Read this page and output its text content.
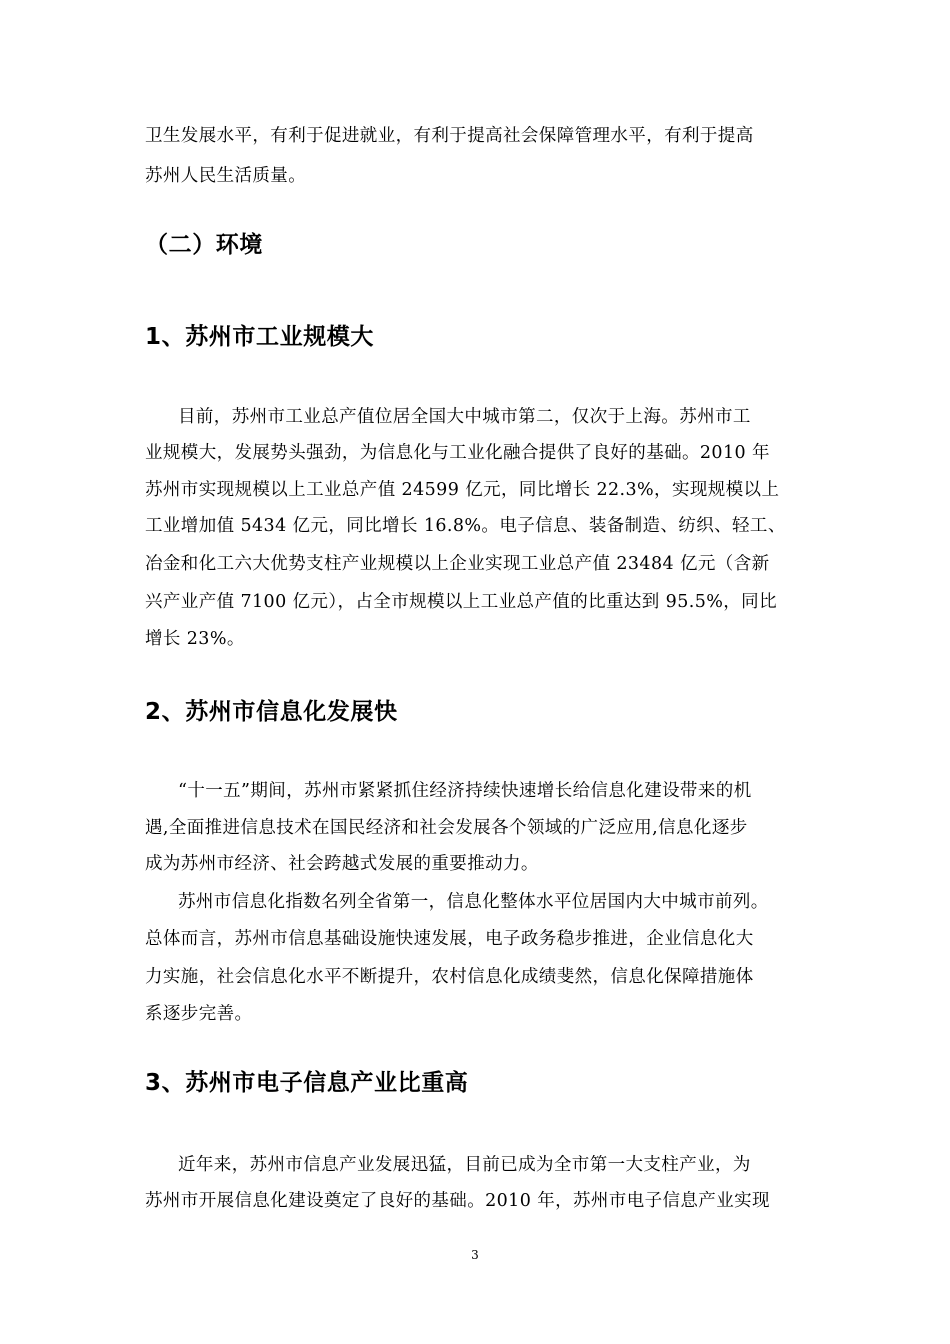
卫生发展水平，有利于促进就业，有利于提高社会保障管理水平，有利于提高
苏州人民生活质量。
（二）环境
1、苏州市工业规模大
目前，苏州市工业总产值位居全国大中城市第二，仅次于上海。苏州市工
业规模大，发展势头强劲，为信息化与工业化融合提供了良好的基础。2010 年
苏州市实现规模以上工业总产值 24599 亿元，同比增长 22.3%，实现规模以上
工业增加值 5434 亿元，同比增长 16.8%。电子信息、装备制造、纺织、轻工、
冶金和化工六大优势支柱产业规模以上企业实现工业总产值 23484 亿元（含新
兴产业产值 7100 亿元），占全市规模以上工业总产值的比重达到 95.5%，同比
增长 23%。
2、苏州市信息化发展快
“十一五”期间，苏州市紧紧抓住经济持续快速增长给信息化建设带来的机
遇,全面推进信息技术在国民经济和社会发展各个领域的广泛应用,信息化逐步
成为苏州市经济、社会跨越式发展的重要推动力。
苏州市信息化指数名列全省第一，信息化整体水平位居国内大中城市前列。
总体而言，苏州市信息基础设施快速发展，电子政务稳步推进，企业信息化大
力实施，社会信息化水平不断提升，农村信息化成绩斐然，信息化保障措施体
系逐步完善。
3、苏州市电子信息产业比重高
近年来，苏州市信息产业发展迅猛，目前已成为全市第一大支柱产业，为
苏州市开展信息化建设奠定了良好的基础。2010 年，苏州市电子信息产业实现
3
